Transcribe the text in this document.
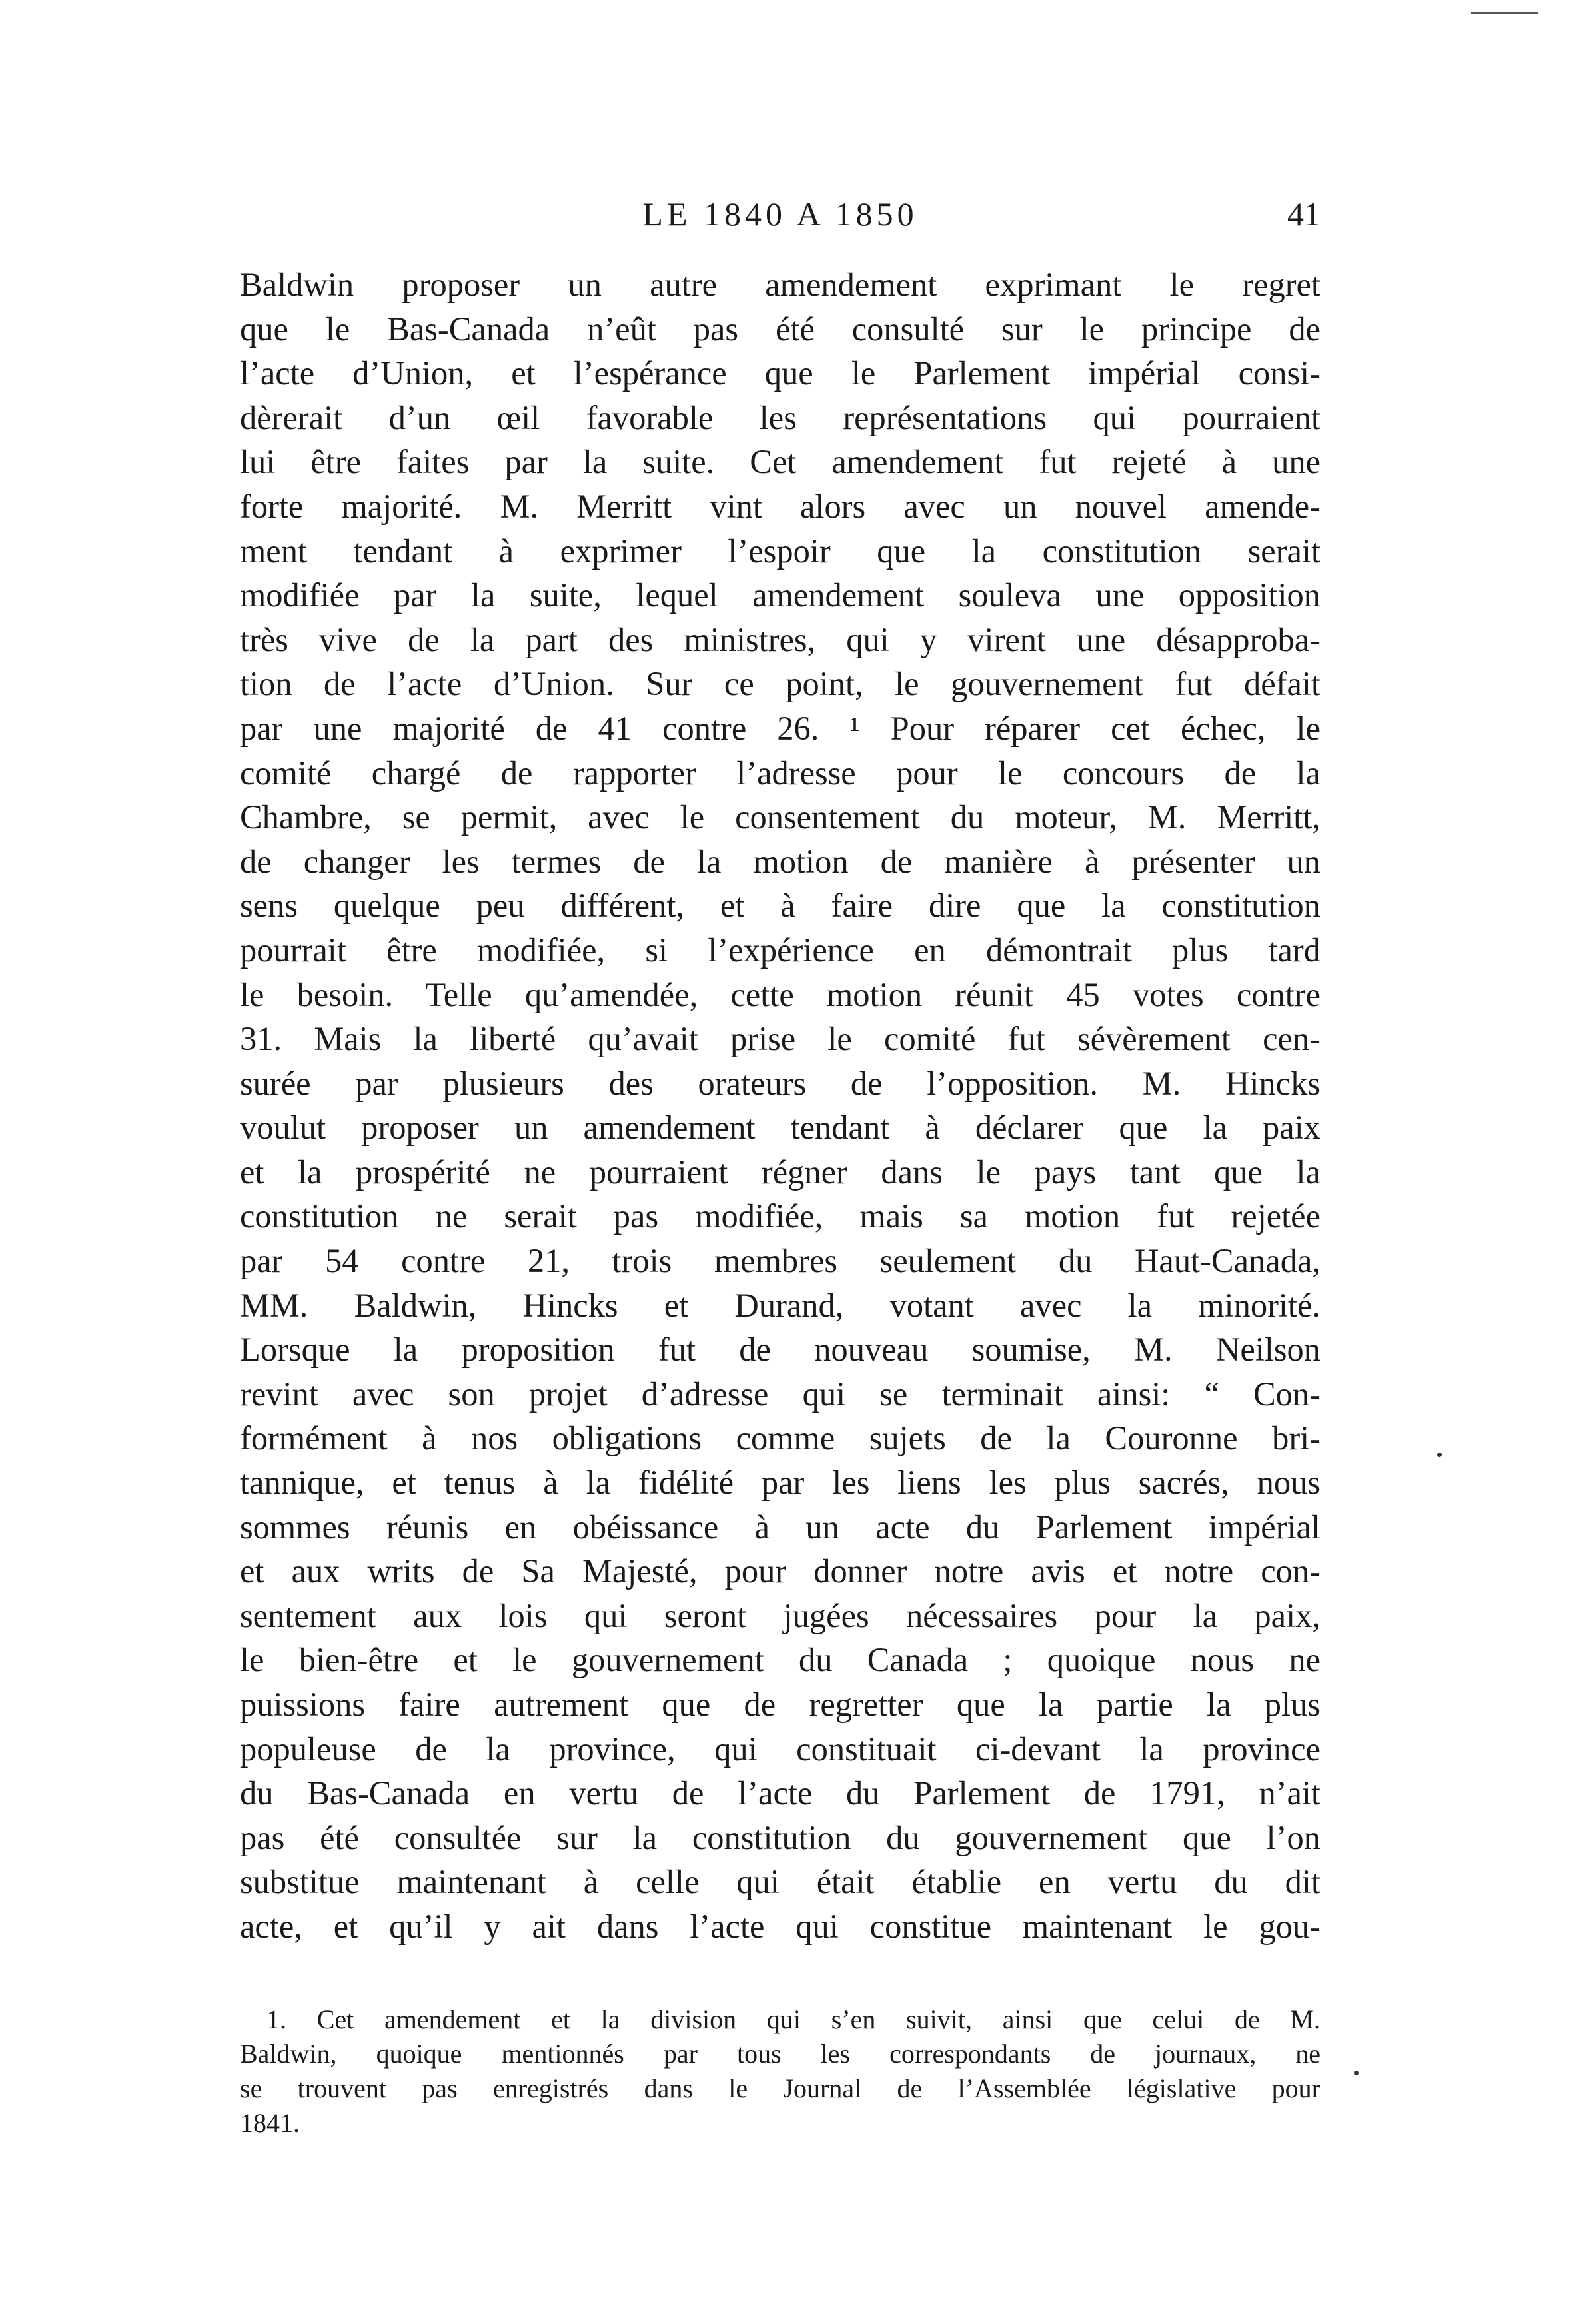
LE 1840 A 1850	41
Baldwin proposer un autre amendement exprimant le regret
que le Bas-Canada n’eût pas été consulté sur le principe de
l’acte d’Union, et l’espérance que le Parlement impérial consi-
dèrerait d’un œil favorable les représentations qui pourraient
lui être faites par la suite. Cet amendement fut rejeté à une
forte majorité. M. Merritt vint alors avec un nouvel amende-
ment tendant à exprimer l’espoir que la constitution serait
modifiée par la suite, lequel amendement souleva une opposition
très vive de la part des ministres, qui y virent une désapproba-
tion de l’acte d’Union. Sur ce point, le gouvernement fut défait
par une majorité de 41 contre 26. ¹ Pour réparer cet échec, le
comité chargé de rapporter l’adresse pour le concours de la
Chambre, se permit, avec le consentement du moteur, M. Merritt,
de changer les termes de la motion de manière à présenter un
sens quelque peu différent, et à faire dire que la constitution
pourrait être modifiée, si l’expérience en démontrait plus tard
le besoin. Telle qu’amendée, cette motion réunit 45 votes contre
31. Mais la liberté qu’avait prise le comité fut sévèrement cen-
surée par plusieurs des orateurs de l’opposition. M. Hincks
voulut proposer un amendement tendant à déclarer que la paix
et la prospérité ne pourraient régner dans le pays tant que la
constitution ne serait pas modifiée, mais sa motion fut rejetée
par 54 contre 21, trois membres seulement du Haut-Canada,
MM. Baldwin, Hincks et Durand, votant avec la minorité.
Lorsque la proposition fut de nouveau soumise, M. Neilson
revint avec son projet d’adresse qui se terminait ainsi: “ Con-
formément à nos obligations comme sujets de la Couronne bri-
tannique, et tenus à la fidélité par les liens les plus sacrés, nous
sommes réunis en obéissance à un acte du Parlement impérial
et aux writs de Sa Majesté, pour donner notre avis et notre con-
sentement aux lois qui seront jugées nécessaires pour la paix,
le bien-être et le gouvernement du Canada ; quoique nous ne
puissions faire autrement que de regretter que la partie la plus
populeuse de la province, qui constituait ci-devant la province
du Bas-Canada en vertu de l’acte du Parlement de 1791, n’ait
pas été consultée sur la constitution du gouvernement que l’on
substitue maintenant à celle qui était établie en vertu du dit
acte, et qu’il y ait dans l’acte qui constitue maintenant le gou-
1. Cet amendement et la division qui s’en suivit, ainsi que celui de M.
Baldwin, quoique mentionnés par tous les correspondants de journaux, ne
se trouvent pas enregistrés dans le Journal de l’Assemblée législative pour
1841.
